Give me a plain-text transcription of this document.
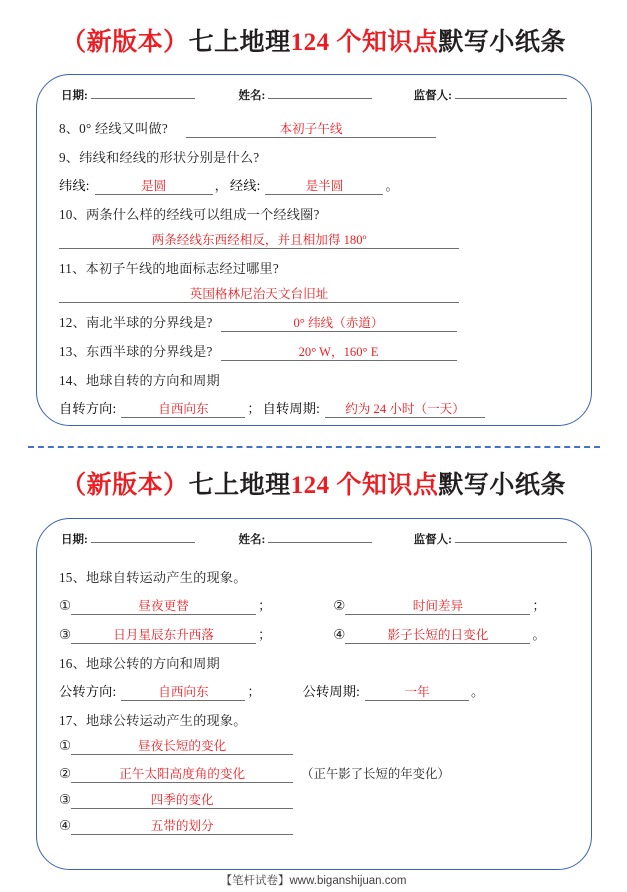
（新版本）七上地理124 个知识点默写小纸条
日期:	姓名:	监督人:
8、0° 经线又叫做?	本初子午线
9、纬线和经线的形状分别是什么?
纬线:	是圆	， 经线:	是半圆	。
10、两条什么样的经线可以组成一个经线圈?
两条经线东西经相反，并且相加得 180º
11、本初子午线的地面标志经过哪里?
英国格林尼治天文台旧址
12、南北半球的分界线是?	0° 纬线（赤道）
13、东西半球的分界线是?	20° W，160° E
14、地球自转的方向和周期
自转方向:	自西向东	； 自转周期:	约为 24 小时（一天）
（新版本）七上地理124 个知识点默写小纸条
日期:	姓名:	监督人:
15、地球自转运动产生的现象。
①	昼夜更替	；	②	时间差异	；
③	日月星辰东升西落	；	④	影子长短的日变化	。
16、地球公转的方向和周期
公转方向:	自西向东	；	公转周期:	一年	。
17、地球公转运动产生的现象。
①	昼夜长短的变化
②	正午太阳高度角的变化	（正午影了长短的年变化）
③	四季的变化
④	五带的划分
【笔杆试卷】www.biganshijuan.com
